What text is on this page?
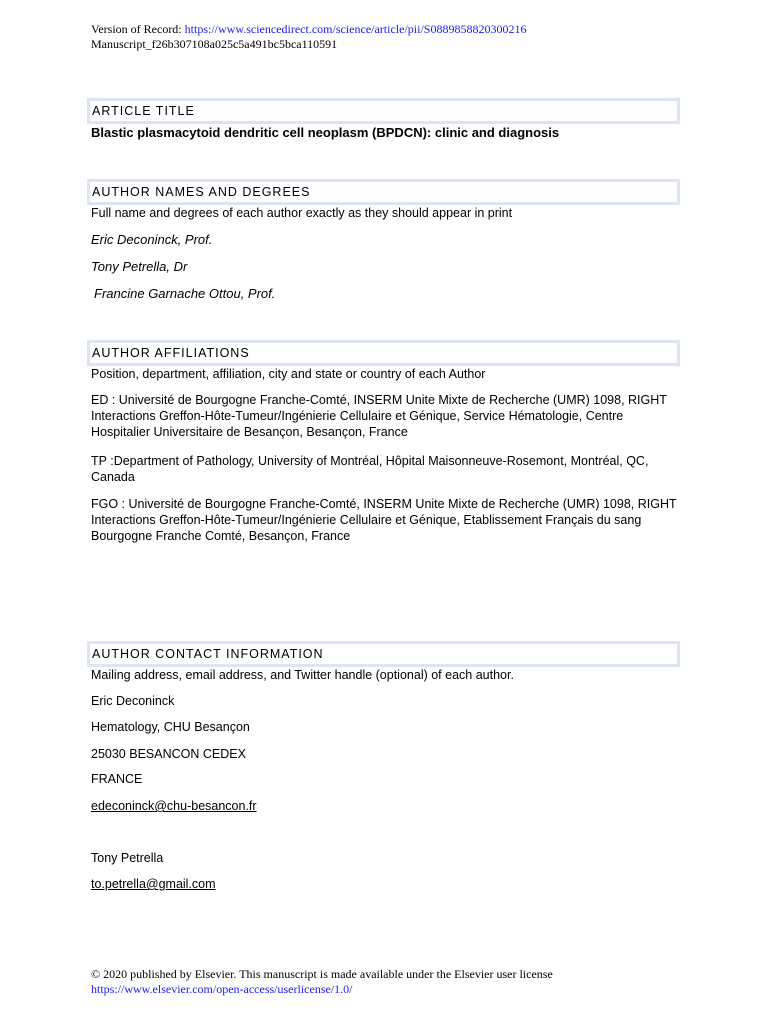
Version of Record: https://www.sciencedirect.com/science/article/pii/S0889858820300216
Manuscript_f26b307108a025c5a491bc5bca110591
ARTICLE TITLE
Blastic plasmacytoid dendritic cell neoplasm (BPDCN): clinic and diagnosis
AUTHOR NAMES AND DEGREES
Full name and degrees of each author exactly as they should appear in print
Eric Deconinck, Prof.
Tony Petrella, Dr
Francine Garnache Ottou, Prof.
AUTHOR AFFILIATIONS
Position, department, affiliation, city and state or country of each Author
ED : Université de Bourgogne Franche-Comté, INSERM Unite Mixte de Recherche (UMR) 1098, RIGHT Interactions Greffon-Hôte-Tumeur/Ingénierie Cellulaire et Génique, Service Hématologie, Centre Hospitalier Universitaire de Besançon, Besançon, France
TP :Department of Pathology, University of Montréal, Hôpital Maisonneuve-Rosemont, Montréal, QC, Canada
FGO : Université de Bourgogne Franche-Comté, INSERM Unite Mixte de Recherche (UMR) 1098, RIGHT Interactions Greffon-Hôte-Tumeur/Ingénierie Cellulaire et Génique, Etablissement Français du sang Bourgogne Franche Comté, Besançon, France
AUTHOR CONTACT INFORMATION
Mailing address, email address, and Twitter handle (optional) of each author.
Eric Deconinck
Hematology, CHU Besançon
25030 BESANCON CEDEX
FRANCE
edeconinck@chu-besancon.fr
Tony Petrella
to.petrella@gmail.com
© 2020 published by Elsevier. This manuscript is made available under the Elsevier user license
https://www.elsevier.com/open-access/userlicense/1.0/
